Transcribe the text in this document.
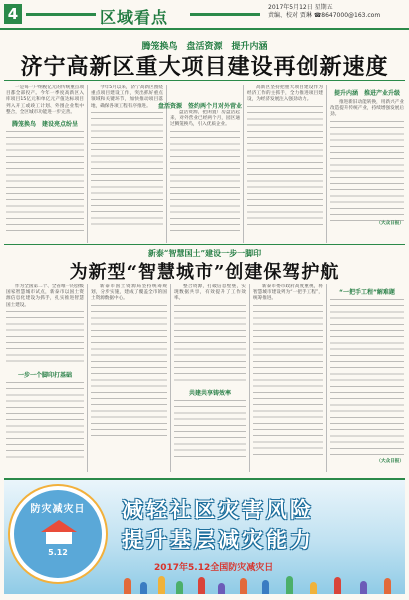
4	区域看点
2017年5月12日 星期五
责编、校对 贾琳 ☎8647000@163.com
腾笼换鸟　盘活资源　提升内涵
济宁高新区重大项目建设再创新速度

一是每一户纳税亿元的传统重点项目都全部投产。今年一季度高新区入库项目15亿元和单亿元产值达标项目列入开工或竣工计划、外围企业集中整合，全区城市功能进一步完善。

腾笼换鸟　建设亮点纷呈

今年5月以来，济宁高新区围绕重点项目建设工作，突出抓好重点领域和关键环节，加快推动项目落地，确保各项工程有序推进。	盘活资源　签约两个月对外营业

盘活资源，把闲置厂房盘活起来，对外营业已经两个月，园区通过腾笼换鸟，引入优质企业。

高新区坚持把重大项目建设作为经济工作的主抓手，全力推进项目建设，为经济发展注入强劲动力。

提升内涵　推进产业升级

推进新旧动能转换，用新兴产业改造提升传统产业，持续增强发展后劲。

（大众日报）

新泰“智慧国土”建设一步一脚印
为新型“智慧城市”创建保驾护航

作为全国第二个、全省唯一的县级国家智慧城市试点，新泰市以国土资源信息化建设为抓手，扎实推进智慧国土建设。

一步一个脚印打基础

新泰市国土资源局坚持统筹规划，分步实施，建成了覆盖全市的国土资源数据中心。

整合资源，打破信息壁垒，实现数据共享，有效提升了工作效率。

共建共享铸效率

新泰市委市政府高度重视，将智慧城市建设列为“一把手工程”，统筹推进。

“一把手工程”解难题

（大众日报）

防灾减灾日
5.12
减轻社区灾害风险
提升基层减灾能力
2017年5.12全国防灾减灾日
